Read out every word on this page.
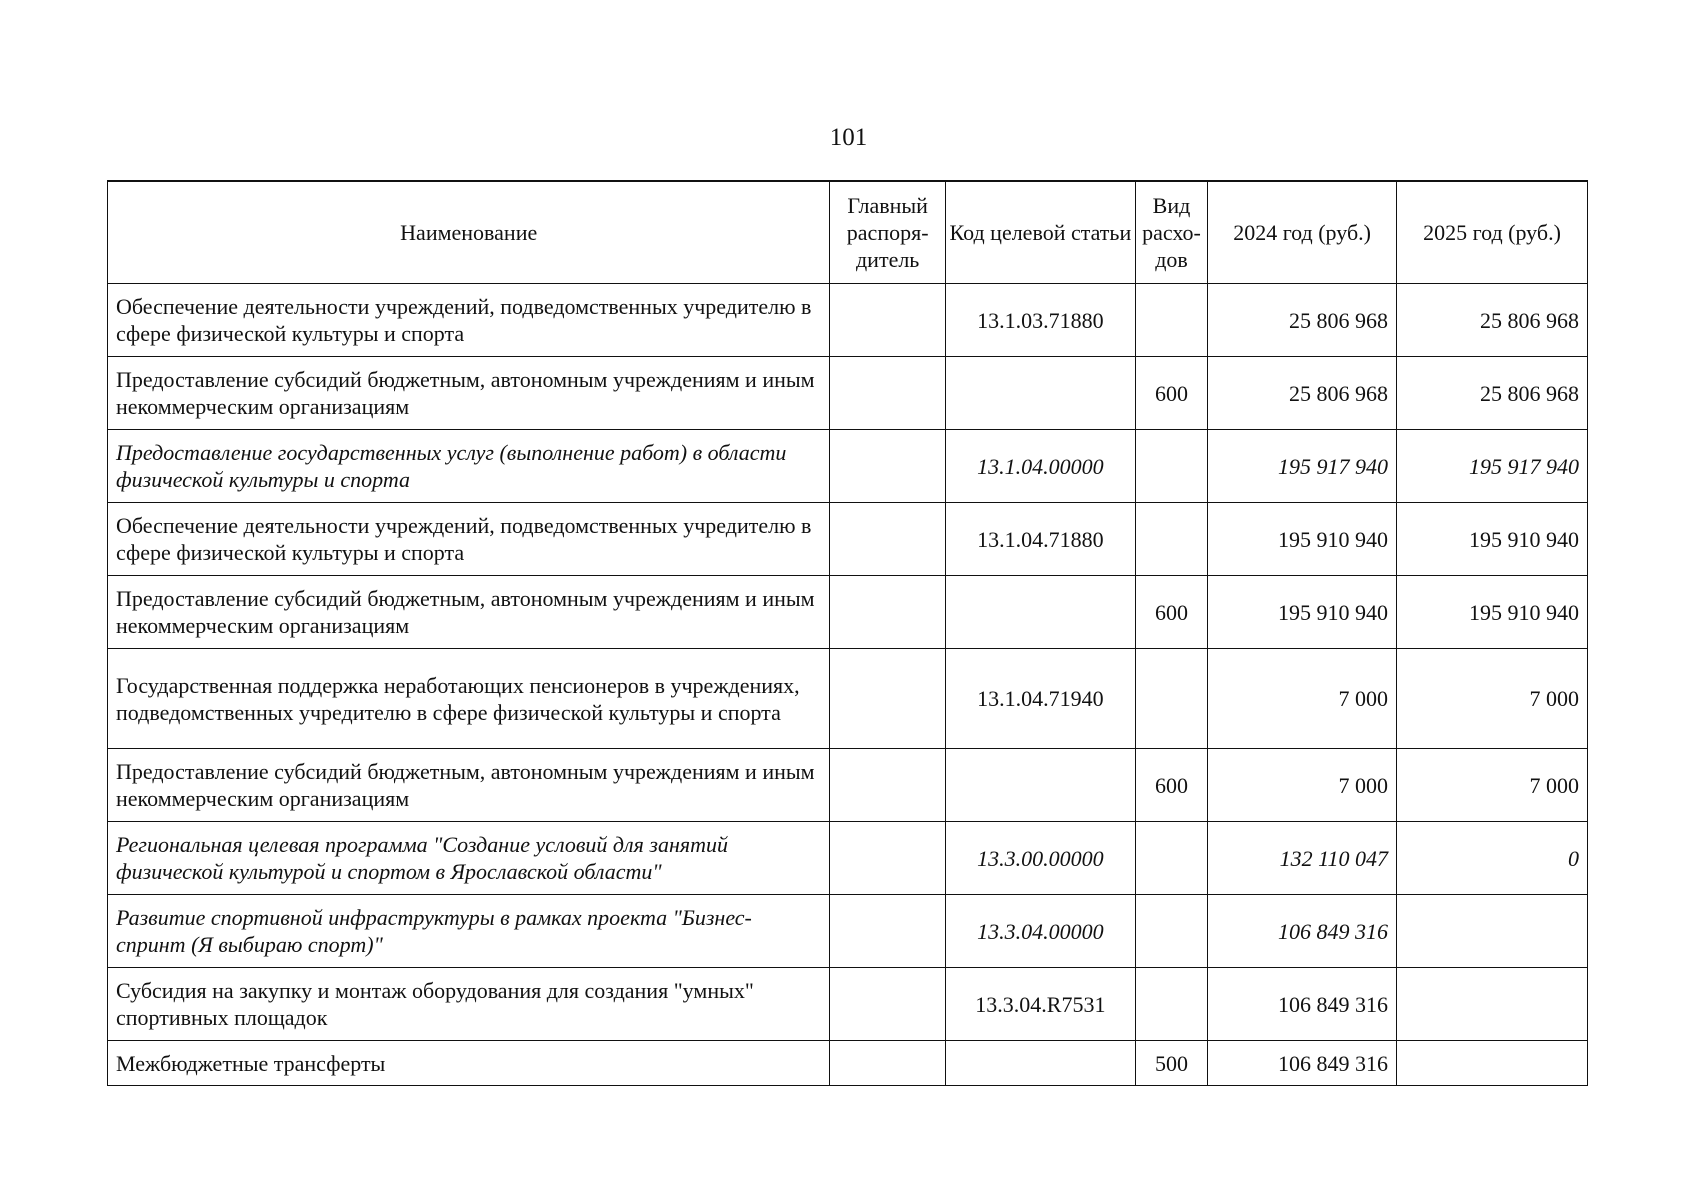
101
Наименование	Главный распоря-дитель	Код целевой статьи	Вид расхо-дов	2024 год (руб.)	2025 год (руб.)
Обеспечение деятельности учреждений, подведомственных учредителю в сфере физической культуры и спорта		13.1.03.71880		25 806 968	25 806 968
Предоставление субсидий бюджетным, автономным учреждениям и иным некоммерческим организациям			600	25 806 968	25 806 968
Предоставление государственных услуг (выполнение работ) в области физической культуры и спорта		13.1.04.00000		195 917 940	195 917 940
Обеспечение деятельности учреждений, подведомственных учредителю в сфере физической культуры и спорта		13.1.04.71880		195 910 940	195 910 940
Предоставление субсидий бюджетным, автономным учреждениям и иным некоммерческим организациям			600	195 910 940	195 910 940
Государственная поддержка неработающих пенсионеров в учреждениях, подведомственных учредителю в сфере физической культуры и спорта		13.1.04.71940		7 000	7 000
Предоставление субсидий бюджетным, автономным учреждениям и иным некоммерческим организациям			600	7 000	7 000
Региональная целевая программа "Создание условий для занятий физической культурой и спортом в Ярославской области"		13.3.00.00000		132 110 047	0
Развитие спортивной инфраструктуры в рамках проекта "Бизнес-спринт (Я выбираю спорт)"		13.3.04.00000		106 849 316	
Субсидия на закупку и монтаж оборудования для создания "умных" спортивных площадок		13.3.04.R7531		106 849 316	
Межбюджетные трансферты			500	106 849 316	
